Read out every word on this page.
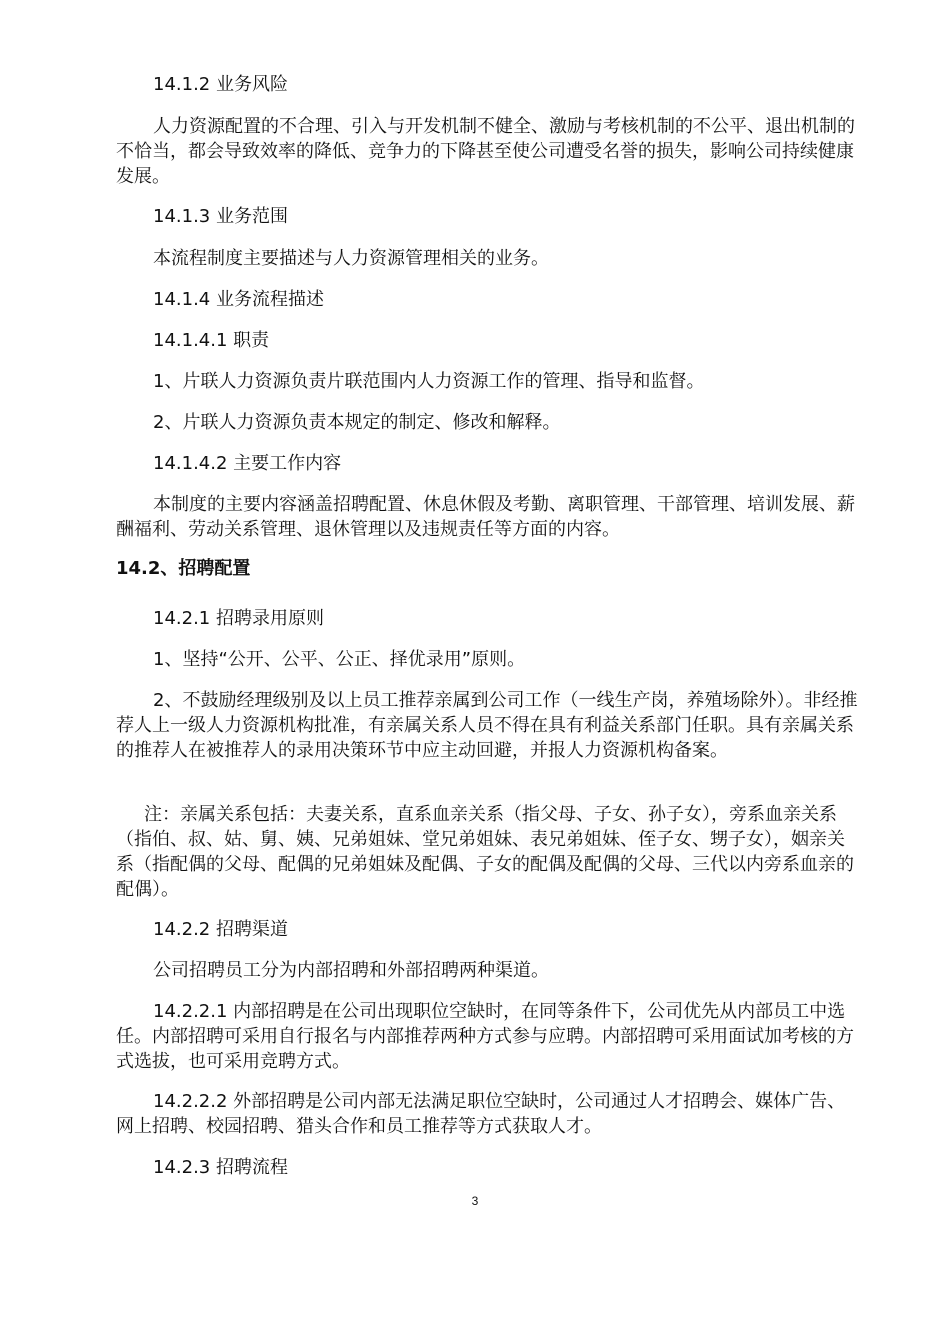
14.1.2 业务风险

人力资源配置的不合理、引入与开发机制不健全、激励与考核机制的不公平、退出机制的不恰当，都会导致效率的降低、竞争力的下降甚至使公司遭受名誉的损失，影响公司持续健康发展。

14.1.3 业务范围

本流程制度主要描述与人力资源管理相关的业务。

14.1.4 业务流程描述

14.1.4.1 职责

1、片联人力资源负责片联范围内人力资源工作的管理、指导和监督。

2、片联人力资源负责本规定的制定、修改和解释。

14.1.4.2 主要工作内容

本制度的主要内容涵盖招聘配置、休息休假及考勤、离职管理、干部管理、培训发展、薪酬福利、劳动关系管理、退休管理以及违规责任等方面的内容。

14.2、招聘配置

14.2.1 招聘录用原则

1、坚持“公开、公平、公正、择优录用”原则。

2、不鼓励经理级别及以上员工推荐亲属到公司工作（一线生产岗，养殖场除外）。非经推荐人上一级人力资源机构批准，有亲属关系人员不得在具有利益关系部门任职。具有亲属关系的推荐人在被推荐人的录用决策环节中应主动回避，并报人力资源机构备案。

注：亲属关系包括：夫妻关系，直系血亲关系（指父母、子女、孙子女），旁系血亲关系（指伯、叔、姑、舅、姨、兄弟姐妹、堂兄弟姐妹、表兄弟姐妹、侄子女、甥子女），姻亲关系（指配偶的父母、配偶的兄弟姐妹及配偶、子女的配偶及配偶的父母、三代以内旁系血亲的配偶）。

14.2.2 招聘渠道

公司招聘员工分为内部招聘和外部招聘两种渠道。

14.2.2.1 内部招聘是在公司出现职位空缺时，在同等条件下，公司优先从内部员工中选任。内部招聘可采用自行报名与内部推荐两种方式参与应聘。内部招聘可采用面试加考核的方式选拔，也可采用竞聘方式。

14.2.2.2 外部招聘是公司内部无法满足职位空缺时，公司通过人才招聘会、媒体广告、网上招聘、校园招聘、猎头合作和员工推荐等方式获取人才。

14.2.3 招聘流程

3
